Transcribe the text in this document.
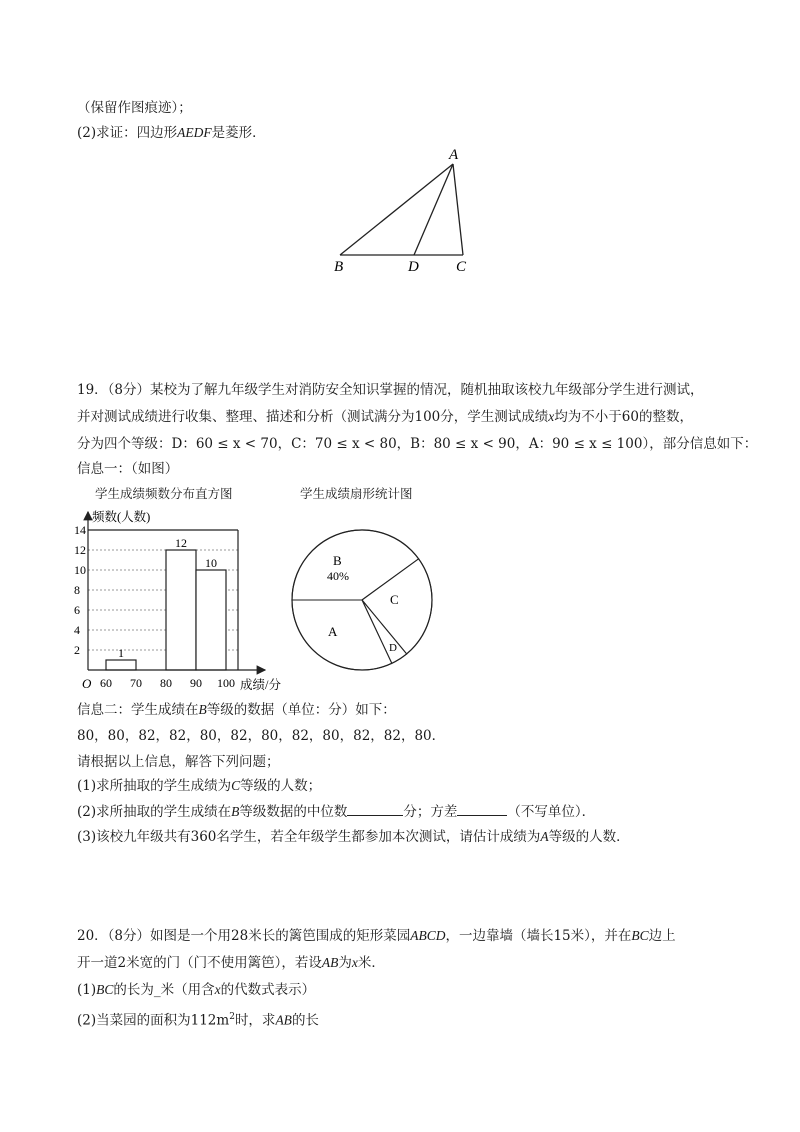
（保留作图痕迹）；
(2)求证：四边形AEDF是菱形．
A
B	D C
19．（8分）某校为了解九年级学生对消防安全知识掌握的情况，随机抽取该校九年级部分学生进行测试，
并对测试成绩进行收集、整理、描述和分析（测试满分为100分，学生测试成绩x均为不小于60的整数，
分为四个等级：D：60 ≤ x < 70，C：70 ≤ x < 80，B：80 ≤ x < 90，A：90 ≤ x ≤ 100），部分信息如下：
信息一：（如图）
学生成绩频数分布直方图	学生成绩扇形统计图
1
12
10
2
4
6
8
10
12
14
60 70 80 90 100
频数(人数)
O	成绩/分
B
40%
C
D
A
信息二：学生成绩在B等级的数据（单位：分）如下：
80，80，82，82，80，82，80，82，80，82，82，80．
请根据以上信息，解答下列问题；
(1)求所抽取的学生成绩为C等级的人数；
(2)求所抽取的学生成绩在B等级数据的中位数	分；方差	（不写单位）．
(3)该校九年级共有360名学生，若全年级学生都参加本次测试，请估计成绩为A等级的人数．
20．（8分）如图是一个用28米长的篱笆围成的矩形菜园ABCD，一边靠墙（墙长15米），并在BC边上
开一道2米宽的门（门不使用篱笆），若设AB为x米．
(1)BC的长为_米（用含x的代数式表示）
(2)当菜园的面积为$112m^2$时，求AB的长
